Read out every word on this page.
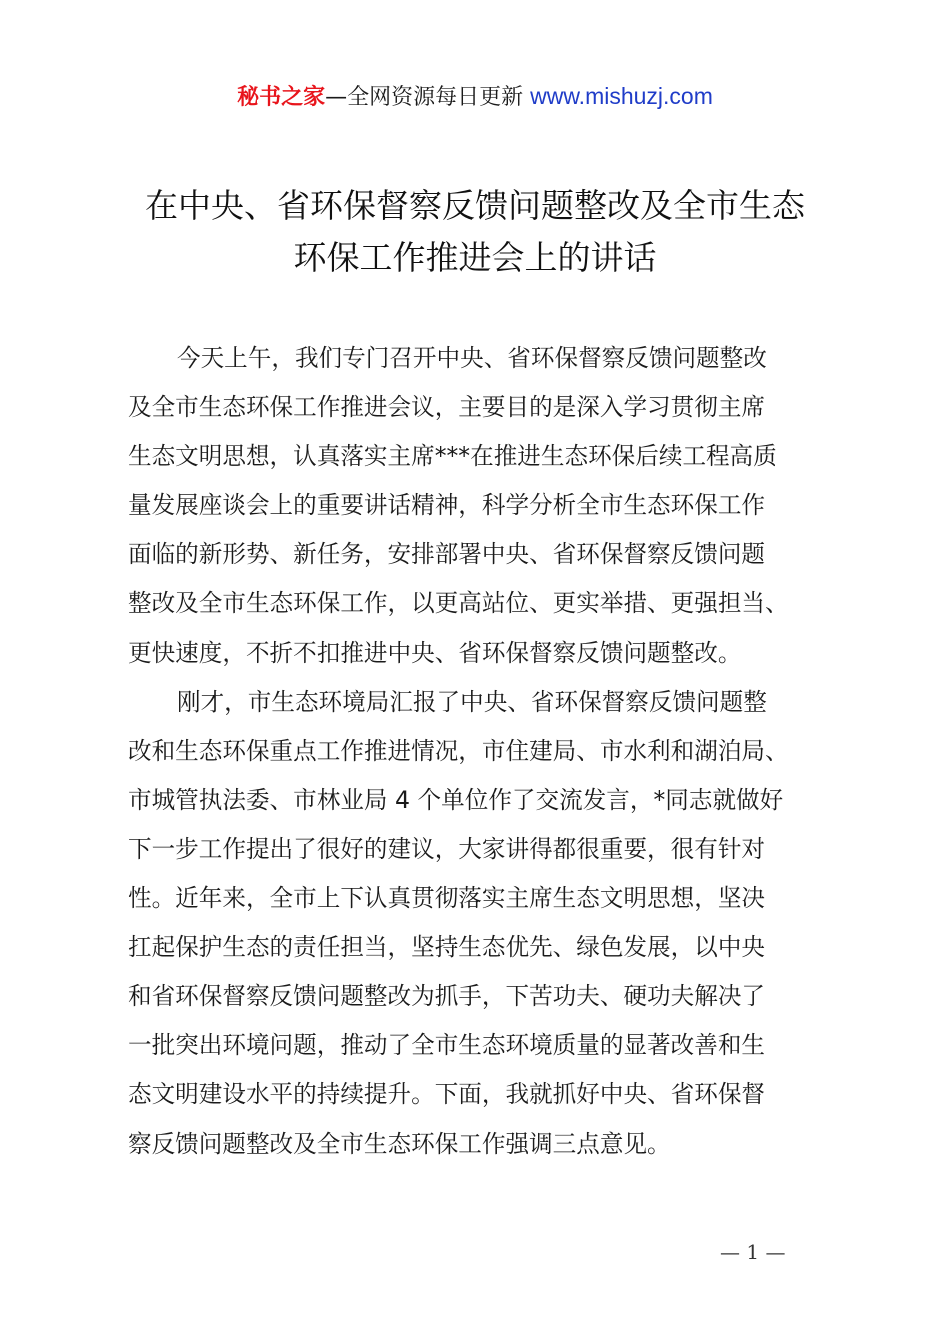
秘书之家—全网资源每日更新 www.mishuzj.com
在中央、省环保督察反馈问题整改及全市生态
环保工作推进会上的讲话
今天上午，我们专门召开中央、省环保督察反馈问题整改
及全市生态环保工作推进会议，主要目的是深入学习贯彻主席
生态文明思想，认真落实主席***在推进生态环保后续工程高质
量发展座谈会上的重要讲话精神，科学分析全市生态环保工作
面临的新形势、新任务，安排部署中央、省环保督察反馈问题
整改及全市生态环保工作，以更高站位、更实举措、更强担当、
更快速度，不折不扣推进中央、省环保督察反馈问题整改。
刚才，市生态环境局汇报了中央、省环保督察反馈问题整
改和生态环保重点工作推进情况，市住建局、市水利和湖泊局、
市城管执法委、市林业局 4 个单位作了交流发言，*同志就做好
下一步工作提出了很好的建议，大家讲得都很重要，很有针对
性。近年来，全市上下认真贯彻落实主席生态文明思想，坚决
扛起保护生态的责任担当，坚持生态优先、绿色发展，以中央
和省环保督察反馈问题整改为抓手，下苦功夫、硬功夫解决了
一批突出环境问题，推动了全市生态环境质量的显著改善和生
态文明建设水平的持续提升。下面，我就抓好中央、省环保督
察反馈问题整改及全市生态环保工作强调三点意见。
— 1 —
